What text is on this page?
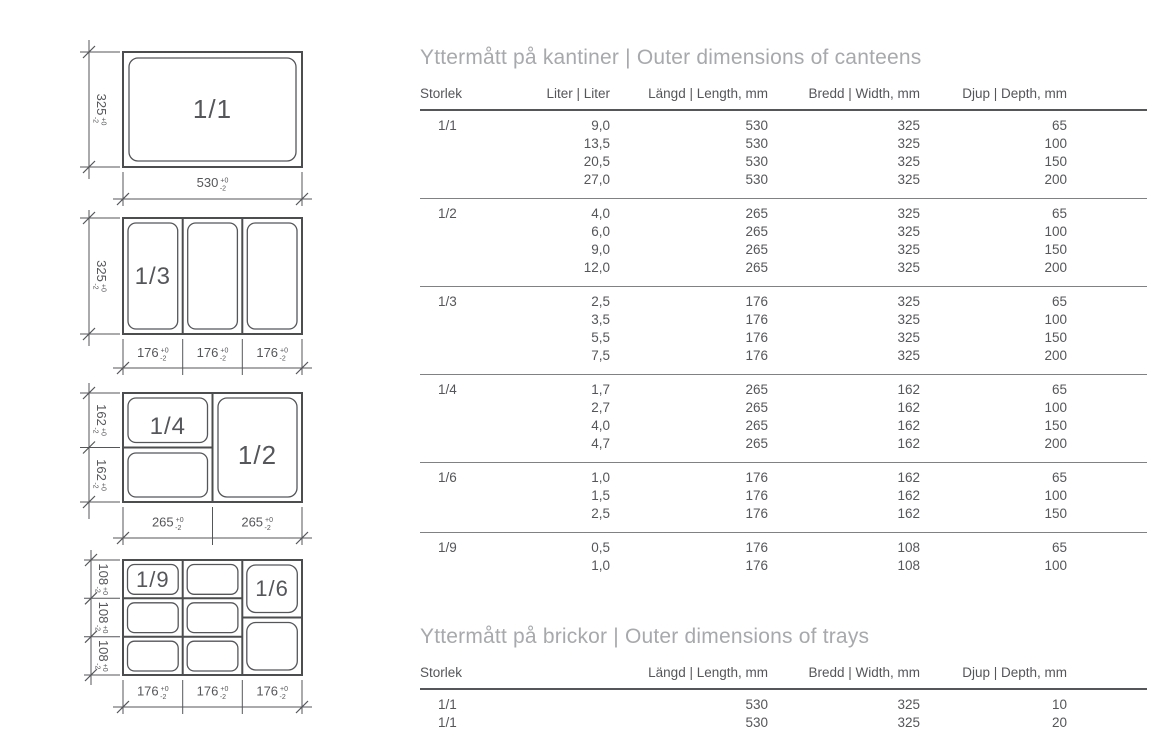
$325^{+0}-2$	1/1
530 $^{+0}$ -2
$325^{+0}-2$	1/3
176 $^{+0}$ -2 176 $^{+0}$ -2 176 $^{+0}$ -2
$162^{+0}-2$
$162^{+0}-2$
1/4
1/2
265 $^{+0}$ -2	265 $^{+0}$ -2
$108^{+0}-2$
$108^{+0}-2$
$108^{+0}-2$
1/9	1/6
176 $^{+0}$ -2 176 $^{+0}$ -2 176 $^{+0}$ -2
Yttermått på kantiner | Outer dimensions of canteens
Storlek	Liter | Liter	Längd | Length, mm	Bredd | Width, mm	Djup | Depth, mm
1/1	9,0	530	325	65
	13,5	530	325	100
	20,5	530	325	150
	27,0	530	325	200
1/2	4,0	265	325	65
	6,0	265	325	100
	9,0	265	325	150
	12,0	265	325	200
1/3	2,5	176	325	65
	3,5	176	325	100
	5,5	176	325	150
	7,5	176	325	200
1/4	1,7	265	162	65
	2,7	265	162	100
	4,0	265	162	150
	4,7	265	162	200
1/6	1,0	176	162	65
	1,5	176	162	100
	2,5	176	162	150
1/9	0,5	176	108	65
	1,0	176	108	100
Yttermått på brickor | Outer dimensions of trays
Storlek	Längd | Length, mm	Bredd | Width, mm	Djup | Depth, mm
1/1	530	325	10
1/1	530	325	20
